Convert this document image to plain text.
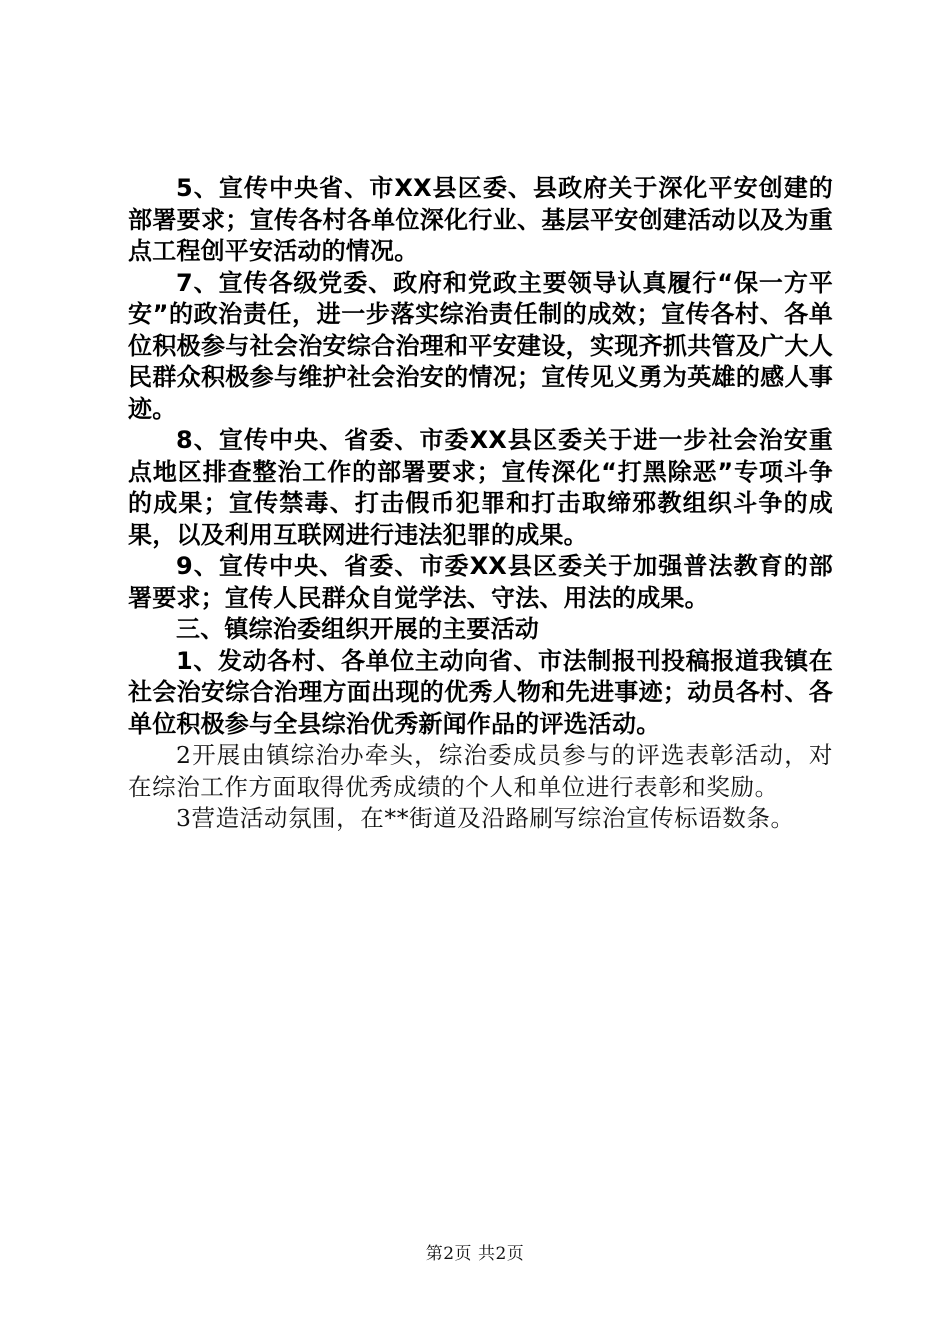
5、宣传中央省、市XX县区委、县政府关于深化平安创建的部署要求；宣传各村各单位深化行业、基层平安创建活动以及为重点工程创平安活动的情况。

7、宣传各级党委、政府和党政主要领导认真履行“保一方平安”的政治责任，进一步落实综治责任制的成效；宣传各村、各单位积极参与社会治安综合治理和平安建设，实现齐抓共管及广大人民群众积极参与维护社会治安的情况；宣传见义勇为英雄的感人事迹。

8、宣传中央、省委、市委XX县区委关于进一步社会治安重点地区排查整治工作的部署要求；宣传深化“打黑除恶”专项斗争的成果；宣传禁毒、打击假币犯罪和打击取缔邪教组织斗争的成果，以及利用互联网进行违法犯罪的成果。

9、宣传中央、省委、市委XX县区委关于加强普法教育的部署要求；宣传人民群众自觉学法、守法、用法的成果。

三、镇综治委组织开展的主要活动

1、发动各村、各单位主动向省、市法制报刊投稿报道我镇在社会治安综合治理方面出现的优秀人物和先进事迹；动员各村、各单位积极参与全县综治优秀新闻作品的评选活动。

2开展由镇综治办牵头，综治委成员参与的评选表彰活动，对在综治工作方面取得优秀成绩的个人和单位进行表彰和奖励。

3营造活动氛围，在**街道及沿路刷写综治宣传标语数条。

第2页 共2页
